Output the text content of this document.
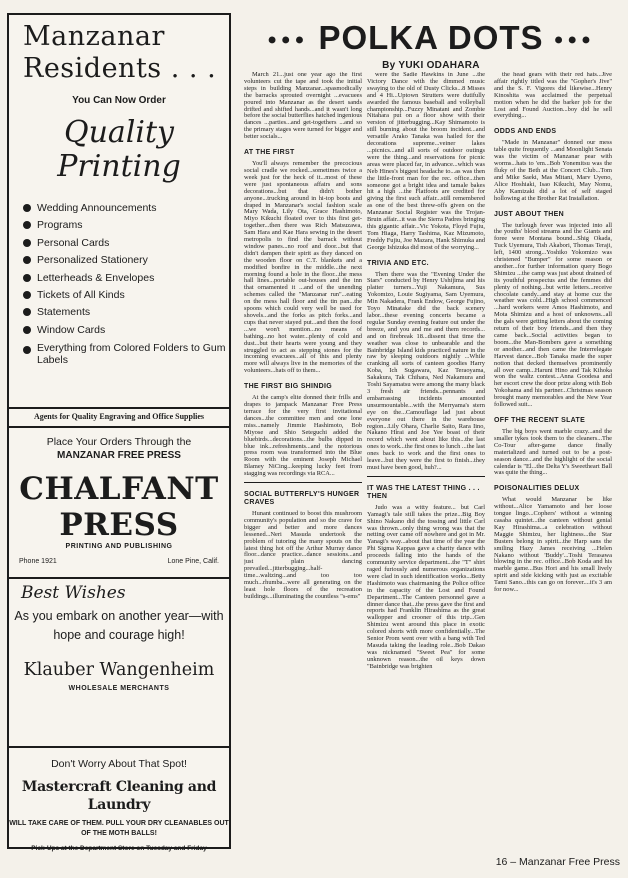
Manzanar
Residents . . .
You Can Now Order
Quality Printing
Wedding Announcements
Programs
Personal Cards
Personalized Stationery
Letterheads & Envelopes
Tickets of All Kinds
Statements
Window Cards
Everything from Colored Folders to Gum Labels
Agents for Quality Engraving and Office Supplies
Place Your Orders Through the
MANZANAR FREE PRESS
CHALFANT PRESS
PRINTING AND PUBLISHING
Phone 1921	Lone Pine, Calif.
Best Wishes
As you embark on another year—with hope and courage high!
Klauber Wangenheim
WHOLESALE MERCHANTS
Don't Worry About That Spot!
Mastercraft Cleaning and Laundry
WILL TAKE CARE OF THEM. PULL YOUR DRY CLEANABLES OUT OF THE MOTH BALLS!
Pick-Ups at the Department Store on Tuesday and Friday
●●● POLKA DOTS ●●●
By YUKI ODAHARA

March 21...just one year ago the first volunteers cut the tape and took the initial steps in building Manzanar...spasmodically the barracks sprouted overnight ...evacuees poured into Manzanar as the desert sands drifted and shifted hands...and it wasn't long before the social butterflies hatched ingenious dances ...parties...and get-togethers ...and so the primary stages were turned for bigger and better socials...

AT THE FIRST

You'll always remember the precocious social cradle we rocked...sometimes twice a week just for the heck of it...most of these were just spontaneous affairs and sons decorations...but that didn't bother anyone...trucking around in hi-top boots and draped in Manzanar's social fashion scale Mary Wada, Lily Ota, Grace Hashimoto, Miyo Kikuchi floated over to this first get-together...then there was Rich Matsuzawa, Sam Hara and Kae Hara sewing in the desert metropolis to find the barrack without window panes...no roof and door...but that didn't dampen their spirit as they danced on the wooden floor on C.T. blankets and a modified bonfire in the middle...the next morning found a hole in the floor...the mess hall lines...portable out-houses and the inn that ornamented it ...and of the unending schemes called the "Manzanar run"...eating on the mess hall floor and the tin pan...the spoons which could very well be used for shovels...and the forks as pitch forks...and cups that never stayed put...and then the food ...we won't mention...no means of bathing...no hot water...plenty of cold and dust...but their hearts were young and they struggled to act as stepping stones for the incoming evacuees...all of this and plenty more will always live in the memories of the volunteers...hats off to them...

THE FIRST BIG SHINDIG

At the camp's elite donned their frills and drapes to jampack Manzanar Free Press terrace for the very first invitational dances...the committee men and one lone miss...namely Jimmie Hashimoto, Bob Miyose and Shio Seteguchi added the bluebirds...decorations...the bulbs dipped in blue ink...refreshments...and the notorious press room was transformed into the Blue Room with the eminent Joseph Michael Blamey NiCing...keeping lucky feet from stagging was recordings via RCA...

SOCIAL BUTTERFLY'S HUNGER CRAVES

Hunant continued to boost this mushroom community's population and so the crave for bigger and better and more dances lessened...Neri Masuda undertook the problem of tutoring the many spouts on the latest thing hot off the Arthur Murray dance floor...dance practice...dance sessions...and just plain dancing prevailed...jitterbugging...half-time...waltzing...and too too much...rhumba...were all generating on the least hole floors of the recreation buildings...illuminating the countless "s-ems"

were the Sadie Hawkins in June ...the Victory Dance with the dimmed music swaying to the old of Dusty Clicks...8 Misses and 4 Hi...Uptown Strutters were dutifully awarded the famous baseball and volleyball championship...Fuzzy Minatani and Zombie Nitahara put on a floor show with their version of jitterbugging...Kay Shimamoto is still burning about the broom incident...and versatile Arako Tanaka was hailed for the decorations supreme...veiner lakes ...picnics...and all sorts of outdoor outings were the thing...and reservations for picnic areas were placed far, in advance...which was Neb Hines's biggest headache to...as was then the little-front man for the rec. office...then someone got a bright idea and tamale bakes hit a high ...the Flatfoots are credited for giving the first such affair...still remembered as one of the best threw-offs given on the Manzanar Social Register was the Trojan-Bruin affair...it was the Sierra Padres bringing this gigantic affair...Vic Yokota, Floyd Fujiu, Tom Hiaga, Harry Tashima, Kaz Mizumoto, Freddy Fujiu, Joe Mazara, Hank Shimuka and George Ishizuka did most of the worrying...

TRIVIA AND ETC.

Then there was the "Evening Under the Stars" conducted by Henry Ushijima and his platter turners...Yuji Nakamura, Sus Yokomizo, Louie Sugiyama, Sam Uyemura, Min Nakadera, Frank Endow, George Fujino, Toyo Minatake did the back scenery labor...these evening concerts became a regular Sunday evening feature out under the breeze, and you and me and them records... and on firebreak 18...dissent that time the weather was close to unbearable and the Bainbridge Island kids practiced nature in the raw by sleeping outdoors nightly ...While cranking all sorts of canteen goodies Harry Koba, Ich Sugawara, Kaz Teraoyama, Sakakura, Tak Chihara, Ned Nakamura and Toshi Sayamatsu were among the many black 3 fresh air friends...pennants and embarrassing incidents amounted unsurmountable...with the Merryama's stern eye on the...Camouflage lad just about everyone out there in the warehouse region...Lily Ohara, Charlie Saito, Rara Iino, Nakano Hirai and Joe Yee boast of their record which went about like this...the last ones to work...the first ones to lunch ...the last ones back to work and the first ones to leave...but they were the first to finish...they must have been good, huh?...

IT WAS THE LATEST THING . . . THEN

Judo was a witty feature... but Carl Yamagi's tale still takes the prize...Big Boy Shino Nakano did the tossing and little Carl was thrown...only thing wrong was that the netting over came off nowhere and got in Mr. Yanagi's way...about that time of the year the Phi Sigma Kappas gave a charity dance with proceeds falling into the hands of the community service department...the "T" shirt raged furiously and numerous organizations were clad in such identification works...Betty Hashimoto was chairmaning the Police office in the capacity of the Lost and Found Department...The Canteen personnel gave a dinner dance that...the press gave the first and reports had Franklin Hirashima as the great wallopper and crooner of this trip...Gen Shimizu went around this place in exotic colored shorts with more confidentially...The Senior Prom went over with a bang with Ted Masuda taking the leading role...Bob Dakao was nicknamed "Sweet Pea" for some unknown reason...the oil keys down "Bainbridge was brighten

the head gears with their red hats...Jive affair rightly titled was the "Gopher's Jive" and the S. F. Vigores did likewise...Henry Kinoshita was acclaimed the perpetual motion when he did the barker job for the Lost and Found Auction...boy did he sell everything...

ODDS AND ENDS

"Made in Manzanar" donned our mess table quite frequently ...and Moonlight Senata was the victim of Manzanar pear with worms...hats to 'em...Bob Yonemitsu was the fluky of the Beth at the Concert Club...Tom and Mike Saeki, Mas Mitani, Marv Uyeno, Alice Hoshiaki, Isao Kikuchi, May Nomu, Aby Kamizaki did a lot of self staged hollowing at the Brother Rat Installation.

JUST ABOUT THEN

The turlough fever was injected into all the youths' blood streams and the Giants and foree were Montana bound...Shig Okada, Tuck Uyemura, Tish Akabori, Thomas Teraji, left, 1400 strong...Yoshiko Yokomizo was christened "Bumper" for some reason or another...for further information query Bogo Shimizu ...the camp was just about drained of its youthful prospectus and the femmes did plenty of nothing...but write letters...receive chocolate candy...and stay at home cuz the weather was cold...High school commenced ...hard workers were Amos Hashimoto, and Mota Shimizu and a host of unknowns...all the gals were getting letters about the coming return of their boy friends...and then they came back...Social activities began to boom...the Man-Bombers gave a something or another...and then came the Interrelegate Harvest dance...Bob Tanaka made the super notion that decked themselves prominently all over camp...Haruni Hino and Tak Kihoka won the waltz contest...Anna Goodesa and her escort crew the door prize along with Bob Yokohama and his partner...Christmas season brought many memorables and the New Year followed suit...

OFF THE RECENT SLATE

The big boys went marble crazy...and the smaller tykes took them to the cleaners...The Co-Tour after-game dance finally materialized and turned out to be a post-season dance...and the highlight of the social calendar is "El...the Delta Y's Sweetheart Ball was quite the thing...

POISONALITIES DELUX

What would Manzanar be like without...Alice Yamamoto and her loose tongue lingo...Cophers' without a winning casaba quintet...the canteen without genial Kay Hirashima...a celebration without Maggie Shimizu, her lightness...the Star Busters belong in spirit...the Harp sans the smiling Hazy James receiving ...Helen Nakano without 'Buddy'...Toshi Terasawa blowing in the rec. office...Bob Koda and his marble game...Bus Hori and his small lively spirit and side kicking with just as excitable Tami Sano...this can go on forever....it's 3 am for now...

16 – Manzanar Free Press
